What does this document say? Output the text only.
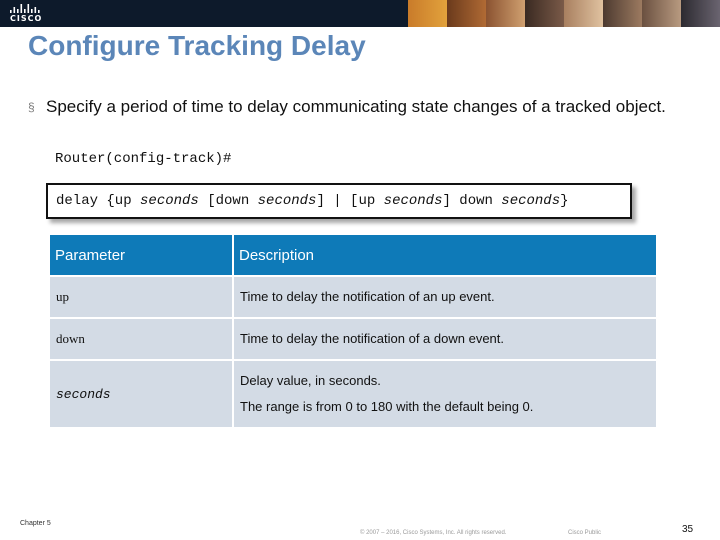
CISCO
Configure Tracking Delay
§ Specify a period of time to delay communicating state changes of a tracked object.
Router(config-track)#
delay {up seconds [down seconds] | [up seconds] down seconds}
Parameter	Description
up	Time to delay the notification of an up event.

down	Time to delay the notification of a down event.

seconds	Delay value, in seconds.
The range is from 0 to 180 with the default being 0.
Chapter 5
© 2007 – 2016, Cisco Systems, Inc. All rights reserved.	Cisco Public	35
